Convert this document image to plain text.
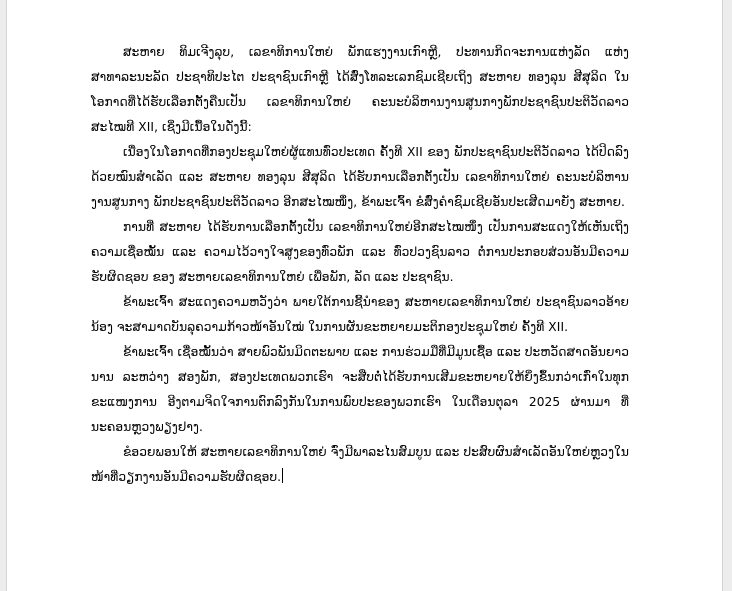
ສະຫາຍ ທິມເຈີງລຸບ, ເລຂາທິການໃຫຍ່ ພັກແຮງງານເກົາຫຼີ, ປະທານກິດຈະການແຫ່ງລັດ ແຫ່ງ ສາທາລະນະລັດ ປະຊາທິປະໄຕ ປະຊາຊົນເກົາຫຼີ ໄດ້ສົ່ງໂທລະເລກຊົມເຊີຍເຖິງ ສະຫາຍ ທອງລຸນ ສີສຸລິດ ໃນໂອກາດທີ່ໄດ້ຮັບເລືອກຕັ້ງຄືນເປັນ ເລຂາທິການໃຫຍ່ ຄະນະບໍລິຫານງານສູນກາງພັກປະຊາຊົນປະຕິວັດລາວ ສະໄໝທີ XII, ເຊິ່ງມີເນື້ອໃນດັ່ງນີ້:

ເນື່ອງໃນໂອກາດທີ່ກອງປະຊຸມໃຫຍ່ຜູ້ແທນທົ່ວປະເທດ ຄັ້ງທີ XII ຂອງ ພັກປະຊາຊົນປະຕິວັດລາວ ໄດ້ປິດລົງດ້ວຍໝົນສໍາເລັດ ແລະ ສະຫາຍ ທອງລຸນ ສີສຸລິດ ໄດ້ຮັບການເລືອກຕັ້ງເປັນ ເລຂາທິການໃຫຍ່ ຄະນະບໍລິຫານງານສູນກາງ ພັກປະຊາຊົນປະຕິວັດລາວ ອີກສະໄໝໜຶ່ງ, ຂ້າພະເຈົ້າ ຂໍສົ່ງຄໍາຊົມເຊີຍອັນປະເສີດມາຍັງ ສະຫາຍ.

ການທີ່ ສະຫາຍ ໄດ້ຮັບການເລືອກຕັ້ງເປັນ ເລຂາທິການໃຫຍ່ອີກສະໄໝໜຶ່ງ ເປັນການສະແດງໃຫ້ເຫັນເຖິງຄວາມເຊື່ອໝັ້ນ ແລະ ຄວາມໄວ້ວາງໃຈສູງຂອງທົ່ວພັກ ແລະ ທົ່ວປວງຊົນລາວ ຕໍ່ການປະກອບສ່ວນອັນມີຄວາມຮັບຜິດຊອບ ຂອງ ສະຫາຍເລຂາທິການໃຫຍ່ ເພື່ອພັກ, ລັດ ແລະ ປະຊາຊົນ.

ຂ້າພະເຈົ້າ ສະແດງຄວາມຫວັງວ່າ ພາຍໃຕ້ການຊີ້ນໍາຂອງ ສະຫາຍເລຂາທິການໃຫຍ່ ປະຊາຊົນລາວອ້າຍນ້ອງ ຈະສາມາດບັນລຸຄວາມກ້າວໜ້າອັນໃໝ່ ໃນການຜັນຂະຫຍາຍມະຕິກອງປະຊຸມໃຫຍ່ ຄັ້ງທີ XII.

ຂ້າພະເຈົ້າ ເຊື່ອໝັ້ນວ່າ ສາຍພົວພັນມິດຕະພາບ ແລະ ການຮ່ວມມືທີ່ມີມູນເຊື້ອ ແລະ ປະຫວັດສາດອັນຍາວນານ ລະຫວ່າງ ສອງພັກ, ສອງປະເທດພວກເຮົາ ຈະສືບຕໍ່ໄດ້ຮັບການເສີມຂະຫຍາຍໃຫ້ຍິ່ງຂຶ້ນກວ່າເກົ່າໃນທຸກຂະແໜງການ ອີງຕາມຈິດໃຈການຕົກລົງກັນໃນການພົບປະຂອງພວກເຮົາ ໃນເດືອນຕຸລາ 2025 ຜ່ານມາ ທີ່ ນະຄອນຫຼວງພຽງຢາງ.

ຂໍອວຍພອນໃຫ້ ສະຫາຍເລຂາທິການໃຫຍ່ ຈົ່ງມີພາລະໄນສົມບູນ ແລະ ປະສົບຜົນສໍາເລັດອັນໃຫຍ່ຫຼວງໃນໜ້າທີ່ວຽກງານອັນມີຄວາມຮັບຜິດຊອບ.
